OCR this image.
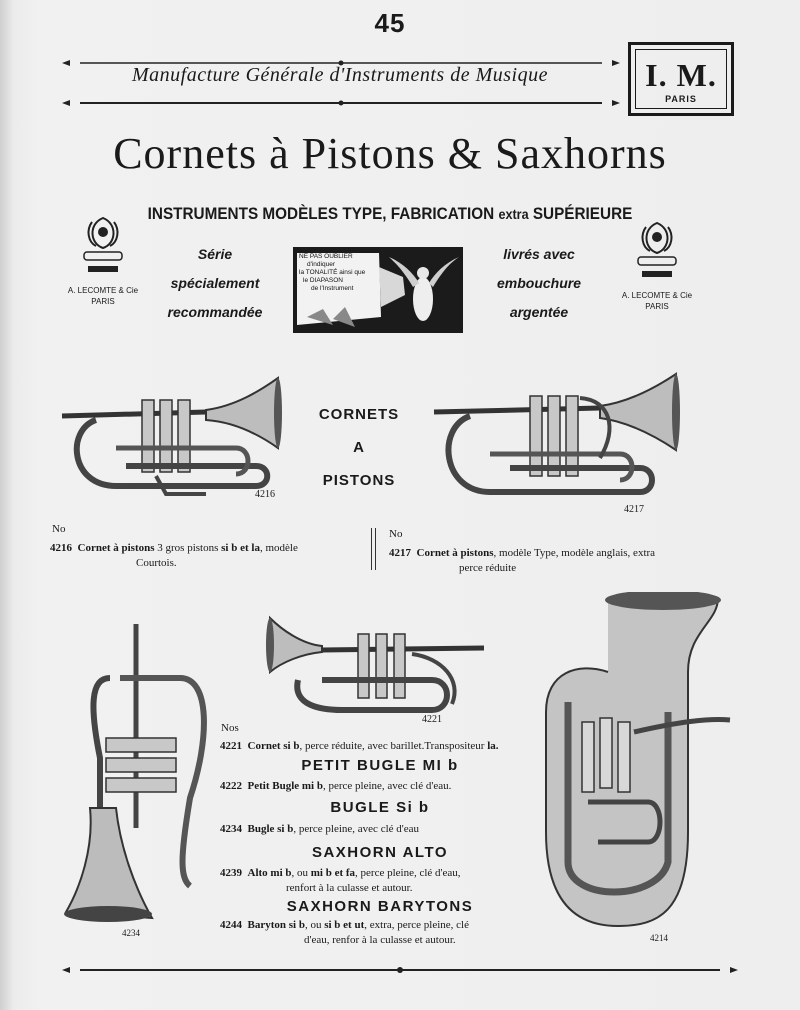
45
Manufacture Générale d'Instruments de Musique	I. M.
PARIS
Cornets à Pistons & Saxhorns
INSTRUMENTS MODÈLES TYPE, FABRICATION extra SUPÉRIEURE
A. LECOMTE & Cie
PARIS
A. LECOMTE & Cie
PARIS
Série
spécialement
recommandée
livrés avec
embouchure
argentée
NE PAS OUBLIER
d'indiquer
la TONALITÉ ainsi que
le DIAPASON
de l'Instrument
4216
CORNETS
A
PISTONS
4217
No
4216 Cornet à pistons 3 gros pistons si b et la, modèle
Courtois.
No
4217 Cornet à pistons, modèle Type, modèle anglais, extra
perce réduite
4234
4221
4214
Nos
4221 Cornet si b, perce réduite, avec barillet.Transpositeur la.
PETIT BUGLE MI b
4222 Petit Bugle mi b, perce pleine, avec clé d'eau.
BUGLE Si b
4234 Bugle si b, perce pleine, avec clé d'eau
SAXHORN ALTO
4239 Alto mi b, ou mi b et fa, perce pleine, clé d'eau,
renfort à la culasse et autour.
SAXHORN BARYTONS
4244 Baryton si b, ou si b et ut, extra, perce pleine, clé
d'eau, renfor à la culasse et autour.
